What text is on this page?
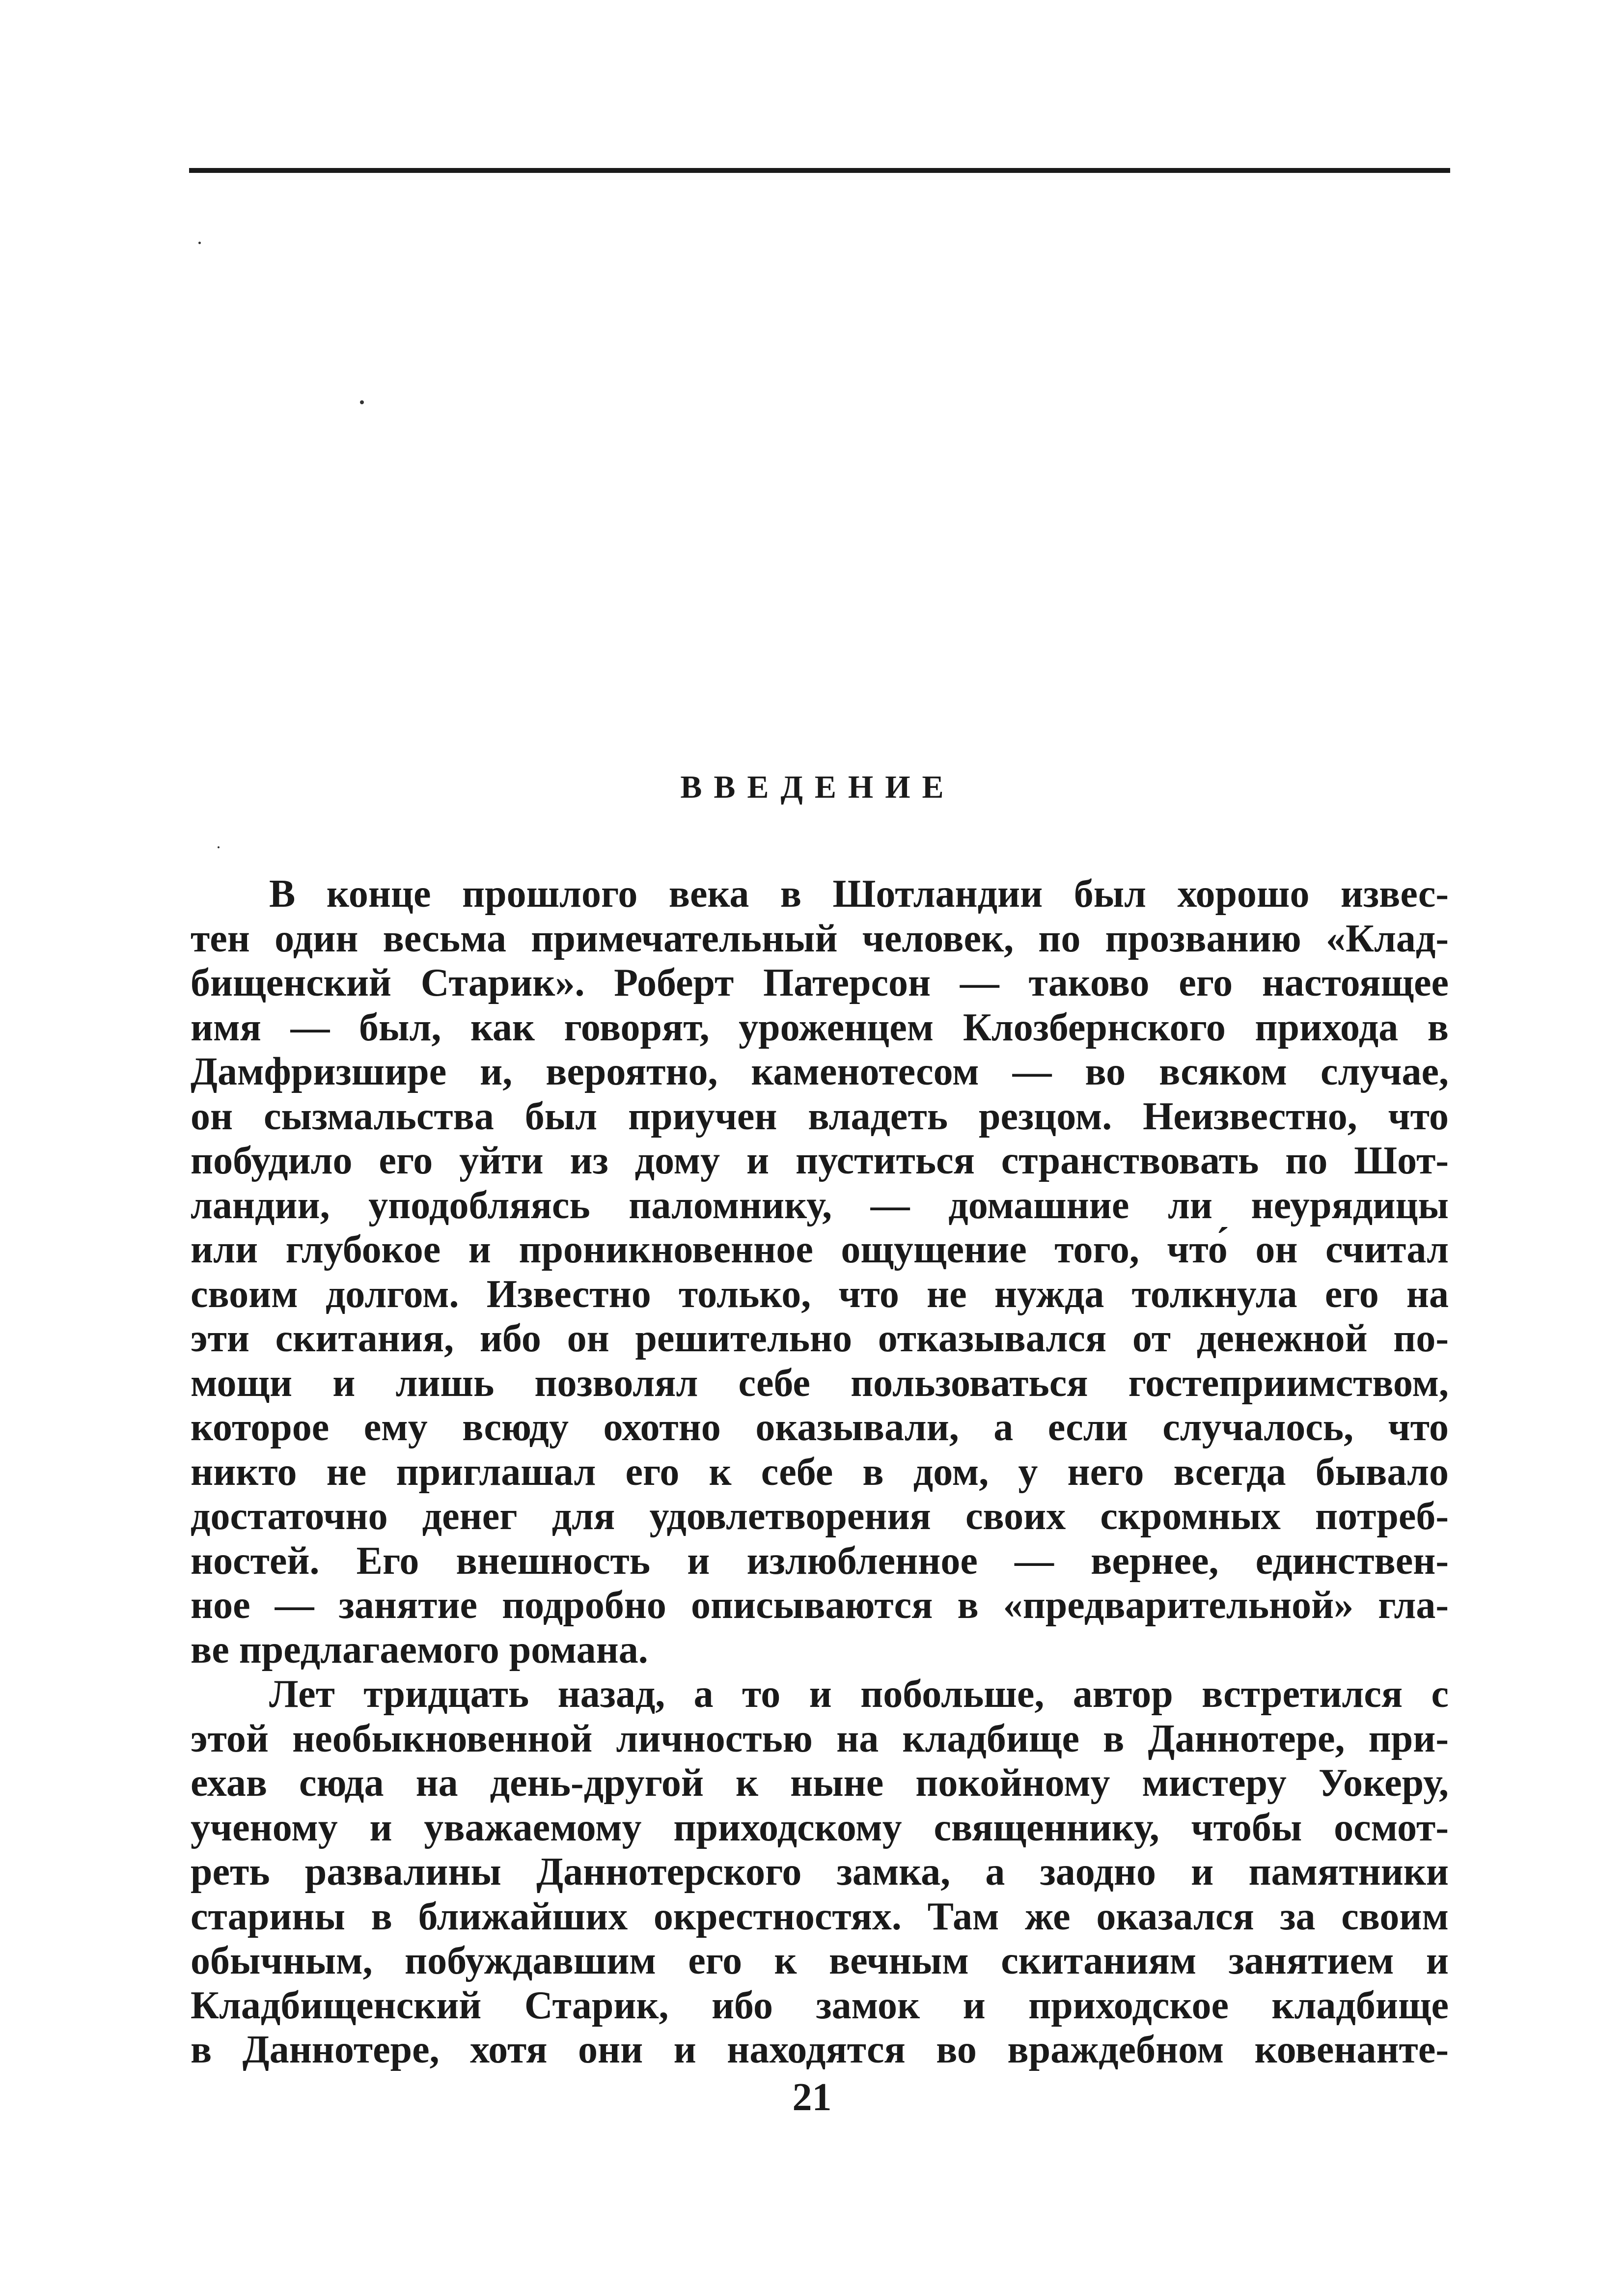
ВВЕДЕНИЕ

В конце прошлого века в Шотландии был хорошо извес-
тен один весьма примечательный человек, по прозванию «Клад-
бищенский Старик». Роберт Патерсон — таково его настоящее
имя — был, как говорят, уроженцем Клозбернского прихода в
Дамфризшире и, вероятно, каменотесом — во всяком случае,
он сызмальства был приучен владеть резцом. Неизвестно, что
побудило его уйти из дому и пуститься странствовать по Шот-
ландии, уподобляясь паломнику, — домашние ли неурядицы
или глубокое и проникновенное ощущение того, что́ он считал
своим долгом. Известно только, что не нужда толкнула его на
эти скитания, ибо он решительно отказывался от денежной по-
мощи и лишь позволял себе пользоваться гостеприимством,
которое ему всюду охотно оказывали, а если случалось, что
никто не приглашал его к себе в дом, у него всегда бывало
достаточно денег для удовлетворения своих скромных потреб-
ностей. Его внешность и излюбленное — вернее, единствен-
ное — занятие подробно описываются в «предварительной» гла-
ве предлагаемого романа.

Лет тридцать назад, а то и побольше, автор встретился с
этой необыкновенной личностью на кладбище в Даннотере, при-
ехав сюда на день-другой к ныне покойному мистеру Уокеру,
ученому и уважаемому приходскому священнику, чтобы осмот-
реть развалины Даннотерского замка, а заодно и памятники
старины в ближайших окрестностях. Там же оказался за своим
обычным, побуждавшим его к вечным скитаниям занятием и
Кладбищенский Старик, ибо замок и приходское кладбище
в Даннотере, хотя они и находятся во враждебном ковенанте-

21
